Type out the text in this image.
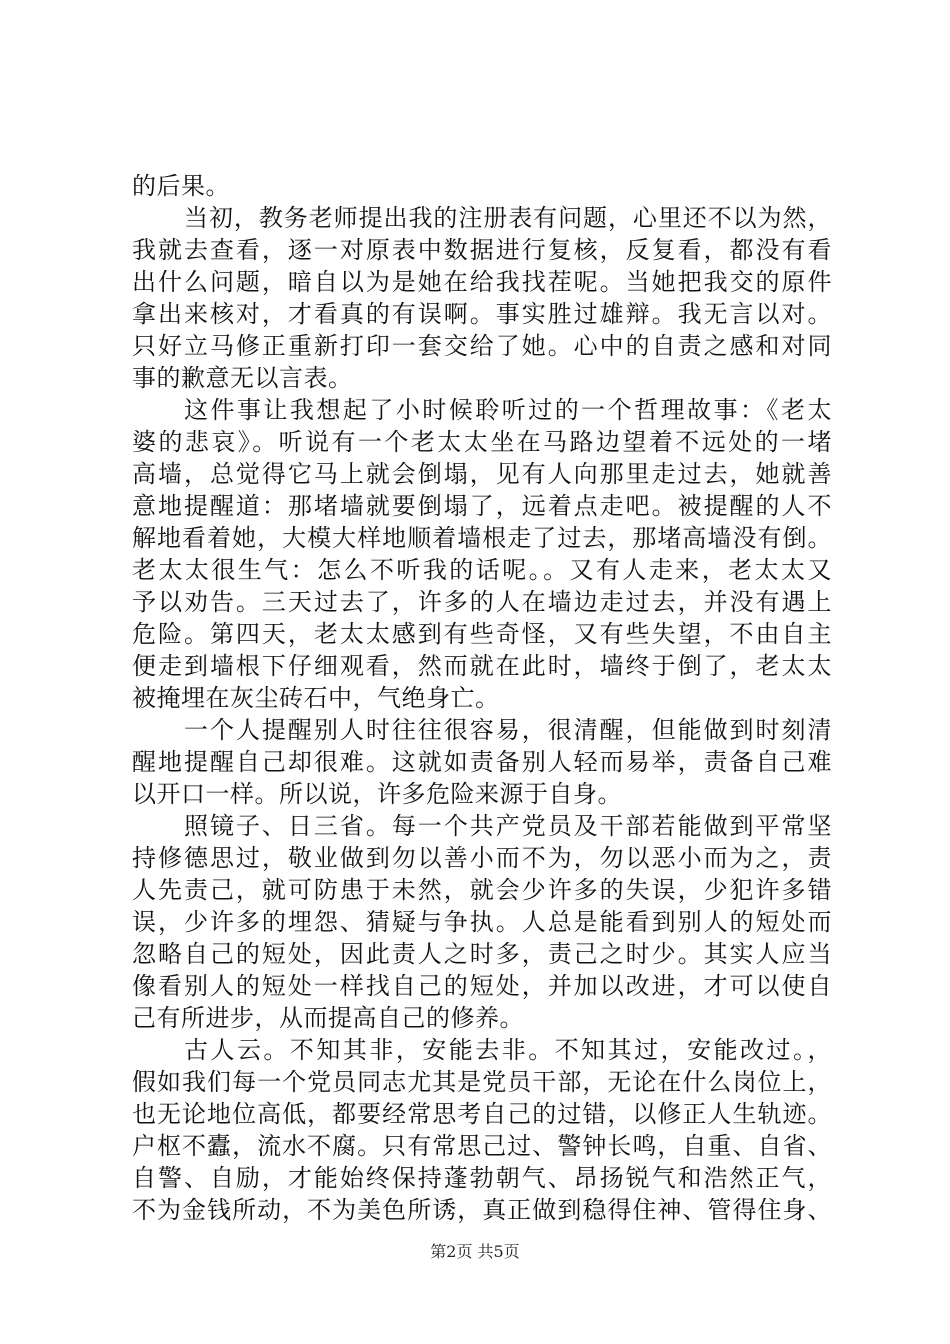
的后果。
当初，教务老师提出我的注册表有问题，心里还不以为然，
我就去查看，逐一对原表中数据进行复核，反复看，都没有看
出什么问题，暗自以为是她在给我找茬呢。当她把我交的原件
拿出来核对，才看真的有误啊。事实胜过雄辩。我无言以对。
只好立马修正重新打印一套交给了她。心中的自责之感和对同
事的歉意无以言表。
这件事让我想起了小时候聆听过的一个哲理故事：《老太
婆的悲哀》。听说有一个老太太坐在马路边望着不远处的一堵
高墙，总觉得它马上就会倒塌，见有人向那里走过去，她就善
意地提醒道：那堵墙就要倒塌了，远着点走吧。被提醒的人不
解地看着她，大模大样地顺着墙根走了过去，那堵高墙没有倒。
老太太很生气：怎么不听我的话呢。。又有人走来，老太太又
予以劝告。三天过去了，许多的人在墙边走过去，并没有遇上
危险。第四天，老太太感到有些奇怪，又有些失望，不由自主
便走到墙根下仔细观看，然而就在此时，墙终于倒了，老太太
被掩埋在灰尘砖石中，气绝身亡。
一个人提醒别人时往往很容易，很清醒，但能做到时刻清
醒地提醒自己却很难。这就如责备别人轻而易举，责备自己难
以开口一样。所以说，许多危险来源于自身。
照镜子、日三省。每一个共产党员及干部若能做到平常坚
持修德思过，敬业做到勿以善小而不为，勿以恶小而为之，责
人先责己，就可防患于未然，就会少许多的失误，少犯许多错
误，少许多的埋怨、猜疑与争执。人总是能看到别人的短处而
忽略自己的短处，因此责人之时多，责己之时少。其实人应当
像看别人的短处一样找自己的短处，并加以改进，才可以使自
己有所进步，从而提高自己的修养。
古人云。不知其非，安能去非。不知其过，安能改过。，
假如我们每一个党员同志尤其是党员干部，无论在什么岗位上，
也无论地位高低，都要经常思考自己的过错，以修正人生轨迹。
户枢不蠹，流水不腐。只有常思己过、警钟长鸣，自重、自省、
自警、自励，才能始终保持蓬勃朝气、昂扬锐气和浩然正气，
不为金钱所动，不为美色所诱，真正做到稳得住神、管得住身、
第2页 共5页
